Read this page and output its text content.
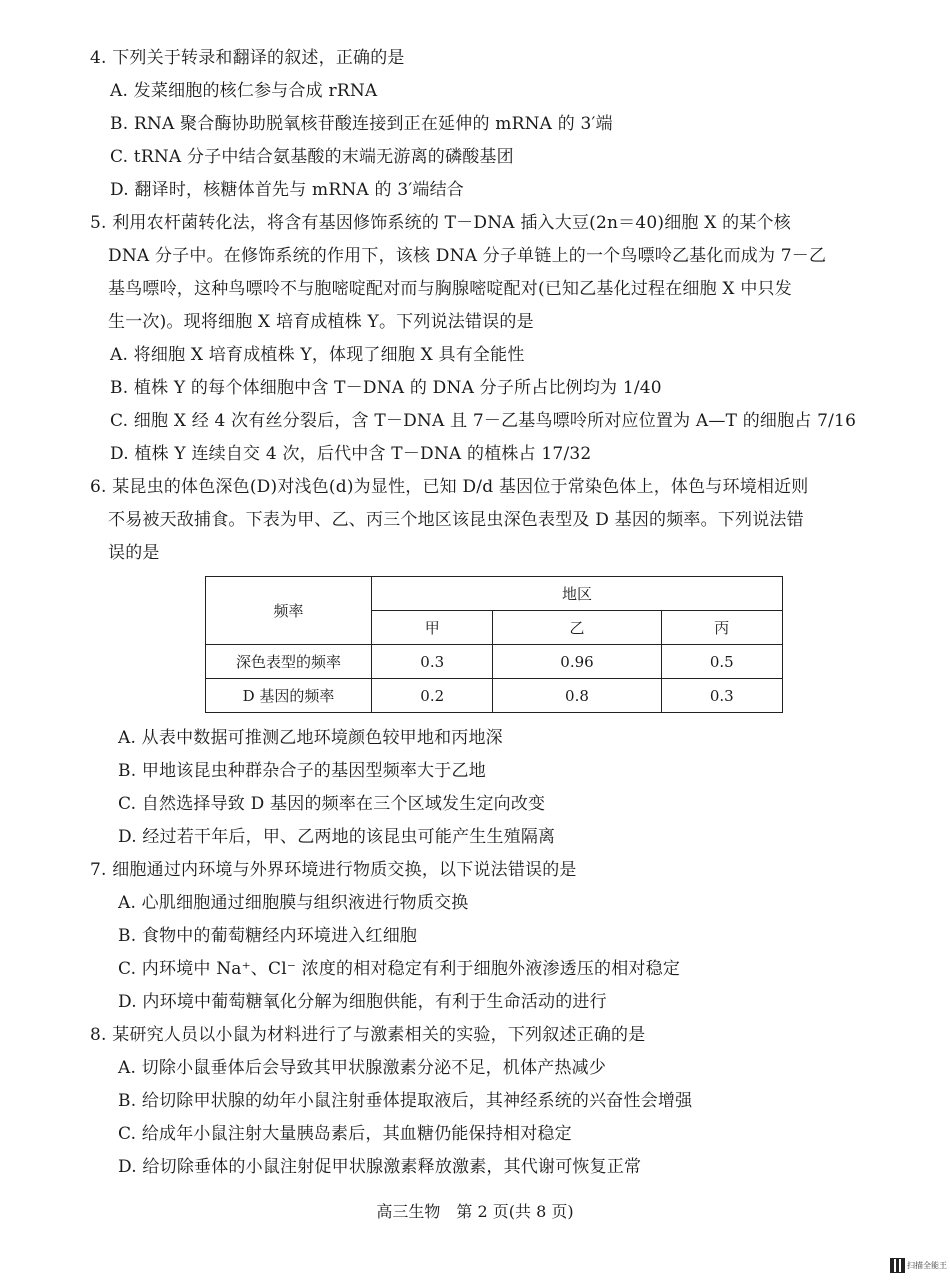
4. 下列关于转录和翻译的叙述，正确的是
A. 发菜细胞的核仁参与合成 rRNA
B. RNA 聚合酶协助脱氧核苷酸连接到正在延伸的 mRNA 的 3′端
C. tRNA 分子中结合氨基酸的末端无游离的磷酸基团
D. 翻译时，核糖体首先与 mRNA 的 3′端结合
5. 利用农杆菌转化法，将含有基因修饰系统的 T－DNA 插入大豆(2n＝40)细胞 X 的某个核
DNA 分子中。在修饰系统的作用下，该核 DNA 分子单链上的一个鸟嘌呤乙基化而成为 7－乙
基鸟嘌呤，这种鸟嘌呤不与胞嘧啶配对而与胸腺嘧啶配对(已知乙基化过程在细胞 X 中只发
生一次)。现将细胞 X 培育成植株 Y。下列说法错误的是
A. 将细胞 X 培育成植株 Y，体现了细胞 X 具有全能性
B. 植株 Y 的每个体细胞中含 T－DNA 的 DNA 分子所占比例均为 1/40
C. 细胞 X 经 4 次有丝分裂后，含 T－DNA 且 7－乙基鸟嘌呤所对应位置为 A—T 的细胞占 7/16
D. 植株 Y 连续自交 4 次，后代中含 T－DNA 的植株占 17/32
6. 某昆虫的体色深色(D)对浅色(d)为显性，已知 D/d 基因位于常染色体上，体色与环境相近则
不易被天敌捕食。下表为甲、乙、丙三个地区该昆虫深色表型及 D 基因的频率。下列说法错
误的是
频率	地区		
	甲	乙	丙
深色表型的频率	0.3	0.96	0.5
D 基因的频率	0.2	0.8	0.3
A. 从表中数据可推测乙地环境颜色较甲地和丙地深
B. 甲地该昆虫种群杂合子的基因型频率大于乙地
C. 自然选择导致 D 基因的频率在三个区域发生定向改变
D. 经过若干年后，甲、乙两地的该昆虫可能产生生殖隔离
7. 细胞通过内环境与外界环境进行物质交换，以下说法错误的是
A. 心肌细胞通过细胞膜与组织液进行物质交换
B. 食物中的葡萄糖经内环境进入红细胞
C. 内环境中 Na⁺、Cl⁻ 浓度的相对稳定有利于细胞外液渗透压的相对稳定
D. 内环境中葡萄糖氧化分解为细胞供能，有利于生命活动的进行
8. 某研究人员以小鼠为材料进行了与激素相关的实验，下列叙述正确的是
A. 切除小鼠垂体后会导致其甲状腺激素分泌不足，机体产热减少
B. 给切除甲状腺的幼年小鼠注射垂体提取液后，其神经系统的兴奋性会增强
C. 给成年小鼠注射大量胰岛素后，其血糖仍能保持相对稳定
D. 给切除垂体的小鼠注射促甲状腺激素释放激素，其代谢可恢复正常
高三生物　第 2 页(共 8 页)
扫描全能王
